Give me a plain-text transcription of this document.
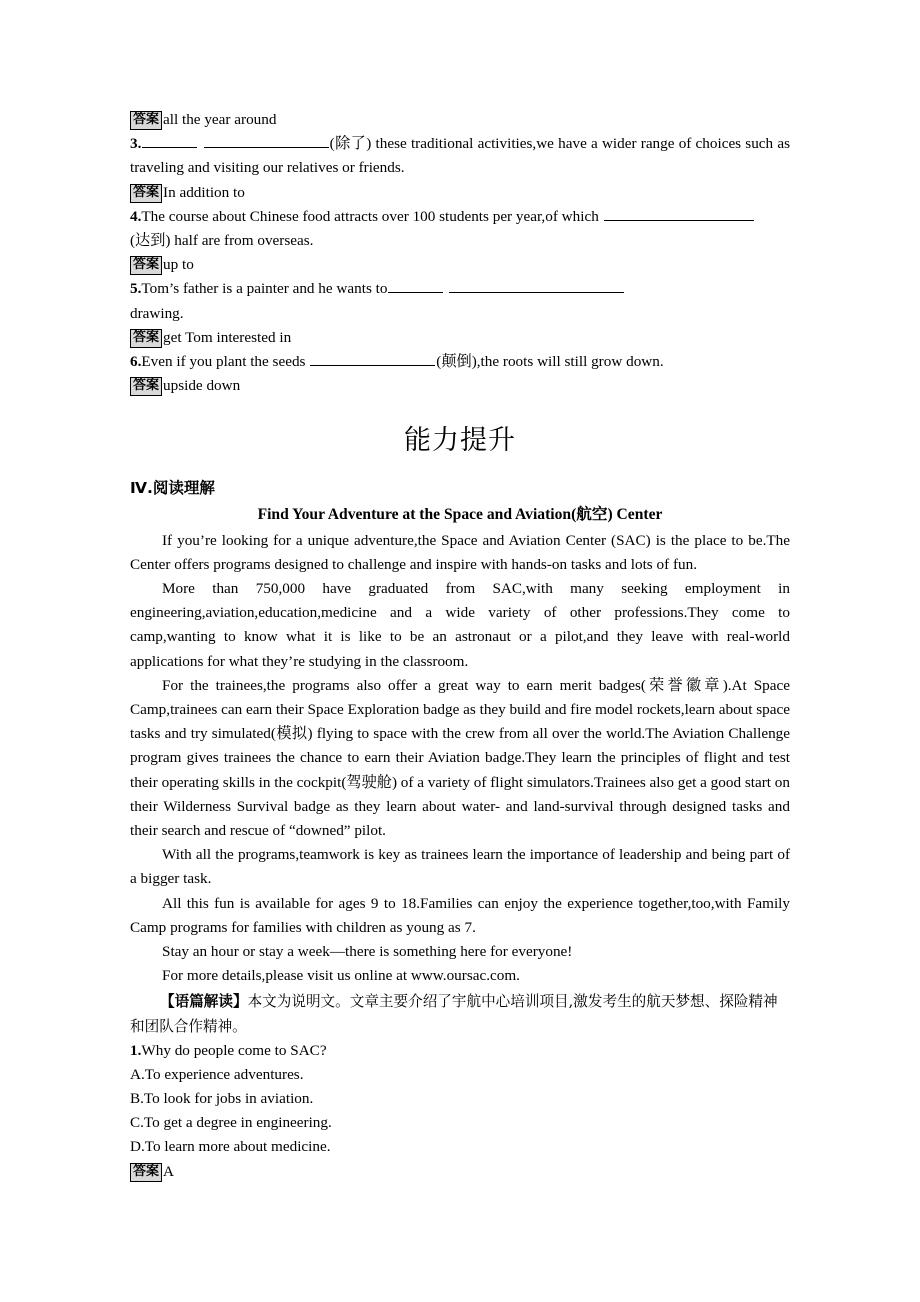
答案 all the year around

3.	(除了) these traditional activities,we have a wider range of choices such as traveling and visiting our relatives or friends.

答案 In addition to

4.The course about Chinese food attracts over 100 students per year,of which
(达到) half are from overseas.

答案 up to

5.Tom’s father is a painter and he wants to
drawing.

答案 get Tom interested in

6.Even if you plant the seeds	(颠倒),the roots will still grow down.

答案 upside down

能力提升
Ⅳ.阅读理解

Find Your Adventure at the Space and Aviation(航空) Center

If you’re looking for a unique adventure,the Space and Aviation Center (SAC) is the place to be.The Center offers programs designed to challenge and inspire with hands-on tasks and lots of fun.

More than 750,000 have graduated from SAC,with many seeking employment in engineering,aviation,education,medicine and a wide variety of other professions.They come to camp,wanting to know what it is like to be an astronaut or a pilot,and they leave with real-world applications for what they’re studying in the classroom.

For the trainees,the programs also offer a great way to earn merit badges(荣誉徽章).At Space Camp,trainees can earn their Space Exploration badge as they build and fire model rockets,learn about space tasks and try simulated(模拟) flying to space with the crew from all over the world.The Aviation Challenge program gives trainees the chance to earn their Aviation badge.They learn the principles of flight and test their operating skills in the cockpit(驾驶舱) of a variety of flight simulators.Trainees also get a good start on their Wilderness Survival badge as they learn about water- and land-survival through designed tasks and their search and rescue of “downed” pilot.

With all the programs,teamwork is key as trainees learn the importance of leadership and being part of a bigger task.

All this fun is available for ages 9 to 18.Families can enjoy the experience together,too,with Family Camp programs for families with children as young as 7.

Stay an hour or stay a week—there is something here for everyone!

For more details,please visit us online at www.oursac.com.

【语篇解读】本文为说明文。文章主要介绍了宇航中心培训项目,激发考生的航天梦想、探险精神和团队合作精神。

1.Why do people come to SAC?

A.To experience adventures.

B.To look for jobs in aviation.

C.To get a degree in engineering.

D.To learn more about medicine.

答案 A
